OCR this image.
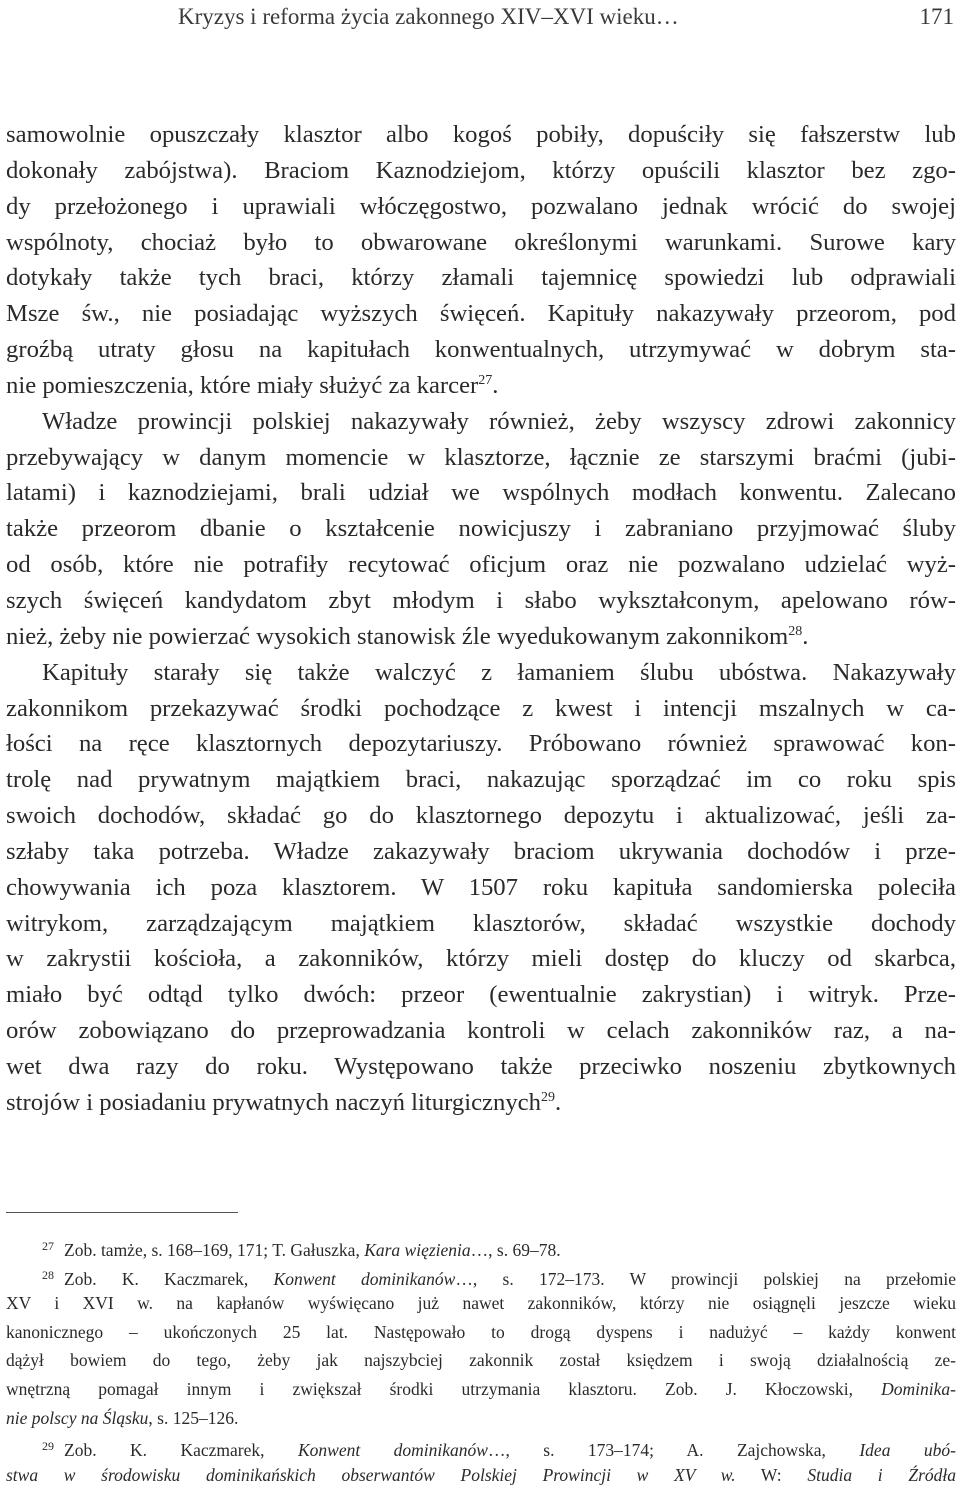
Kryzys i reforma życia zakonnego XIV–XVI wieku…	171
samowolnie opuszczały klasztor albo kogoś pobiły, dopuściły się fałszerstw lub
dokonały zabójstwa). Braciom Kaznodziejom, którzy opuścili klasztor bez zgo-
dy przełożonego i uprawiali włóczęgostwo, pozwalano jednak wrócić do swojej
wspólnoty, chociaż było to obwarowane określonymi warunkami. Surowe kary
dotykały także tych braci, którzy złamali tajemnicę spowiedzi lub odprawiali
Msze św., nie posiadając wyższych święceń. Kapituły nakazywały przeorom, pod
groźbą utraty głosu na kapitułach konwentualnych, utrzymywać w dobrym sta-
nie pomieszczenia, które miały służyć za karcer$^{27}$.
Władze prowincji polskiej nakazywały również, żeby wszyscy zdrowi zakonnicy
przebywający w danym momencie w klasztorze, łącznie ze starszymi braćmi (jubi-
latami) i kaznodziejami, brali udział we wspólnych modłach konwentu. Zalecano
także przeorom dbanie o kształcenie nowicjuszy i zabraniano przyjmować śluby
od osób, które nie potrafiły recytować oficjum oraz nie pozwalano udzielać wyż-
szych święceń kandydatom zbyt młodym i słabo wykształconym, apelowano rów-
nież, żeby nie powierzać wysokich stanowisk źle wyedukowanym zakonnikom$^{28}$.
Kapituły starały się także walczyć z łamaniem ślubu ubóstwa. Nakazywały
zakonnikom przekazywać środki pochodzące z kwest i intencji mszalnych w ca-
łości na ręce klasztornych depozytariuszy. Próbowano również sprawować kon-
trolę nad prywatnym majątkiem braci, nakazując sporządzać im co roku spis
swoich dochodów, składać go do klasztornego depozytu i aktualizować, jeśli za-
szłaby taka potrzeba. Władze zakazywały braciom ukrywania dochodów i prze-
chowywania ich poza klasztorem. W 1507 roku kapituła sandomierska poleciła
witrykom, zarządzającym majątkiem klasztorów, składać wszystkie dochody
w zakrystii kościoła, a zakonników, którzy mieli dostęp do kluczy od skarbca,
miało być odtąd tylko dwóch: przeor (ewentualnie zakrystian) i witryk. Prze-
orów zobowiązano do przeprowadzania kontroli w celach zakonników raz, a na-
wet dwa razy do roku. Występowano także przeciwko noszeniu zbytkownych
strojów i posiadaniu prywatnych naczyń liturgicznych$^{29}$.
$^{27}$ Zob. tamże, s. 168–169, 171; T. Gałuszka, Kara więzienia…, s. 69–78.
$^{28}$ Zob. K. Kaczmarek, Konwent dominikanów…, s. 172–173. W prowincji polskiej na przełomie
XV i XVI w. na kapłanów wyświęcano już nawet zakonników, którzy nie osiągnęli jeszcze wieku
kanonicznego – ukończonych 25 lat. Następowało to drogą dyspens i nadużyć – każdy konwent
dążył bowiem do tego, żeby jak najszybciej zakonnik został księdzem i swoją działalnością ze-
wnętrzną pomagał innym i zwiększał środki utrzymania klasztoru. Zob. J. Kłoczowski, Dominika-
nie polscy na Śląsku, s. 125–126.
$^{29}$ Zob. K. Kaczmarek, Konwent dominikanów…, s. 173–174; A. Zajchowska, Idea ubó-
stwa w środowisku dominikańskich obserwantów Polskiej Prowincji w XV w. W: Studia i Źródła
